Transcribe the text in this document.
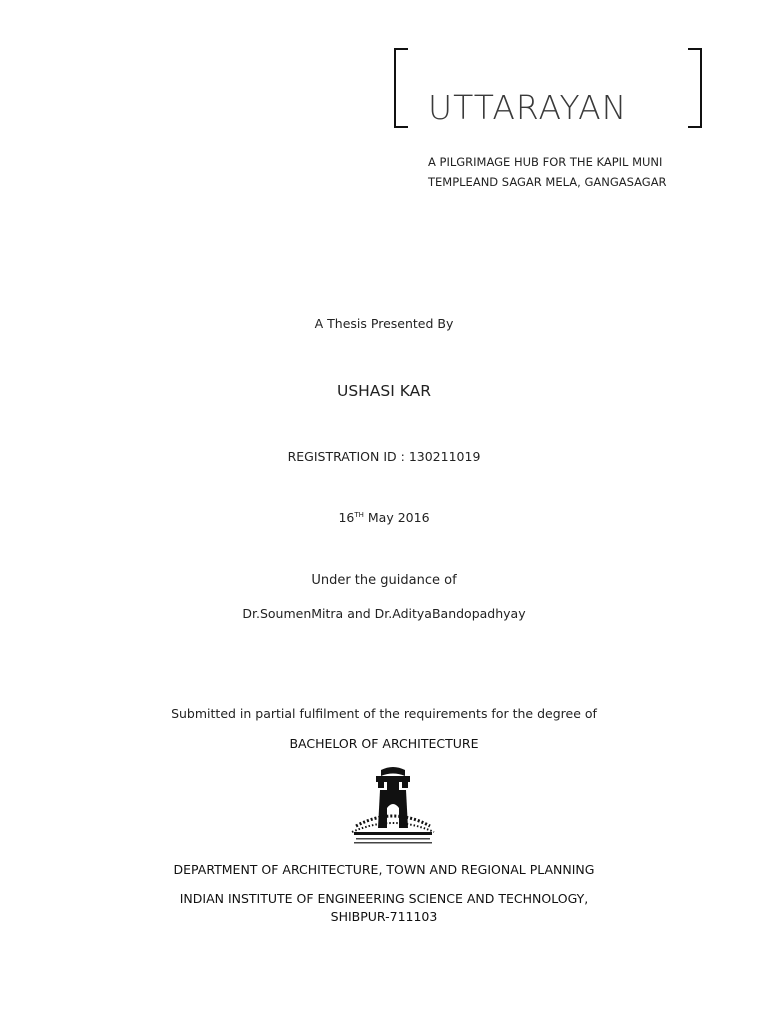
UTTARAYAN
A PILGRIMAGE HUB FOR THE KAPIL MUNI
TEMPLEAND SAGAR MELA, GANGASAGAR
A Thesis Presented By
USHASI KAR
REGISTRATION ID : 130211019
16TH May 2016
Under the guidance of
Dr.SoumenMitra and Dr.AdityaBandopadhyay
Submitted in partial fulfilment of the requirements for the degree of
BACHELOR OF ARCHITECTURE
DEPARTMENT OF ARCHITECTURE, TOWN AND REGIONAL PLANNING
INDIAN INSTITUTE OF ENGINEERING SCIENCE AND TECHNOLOGY,
SHIBPUR-711103
